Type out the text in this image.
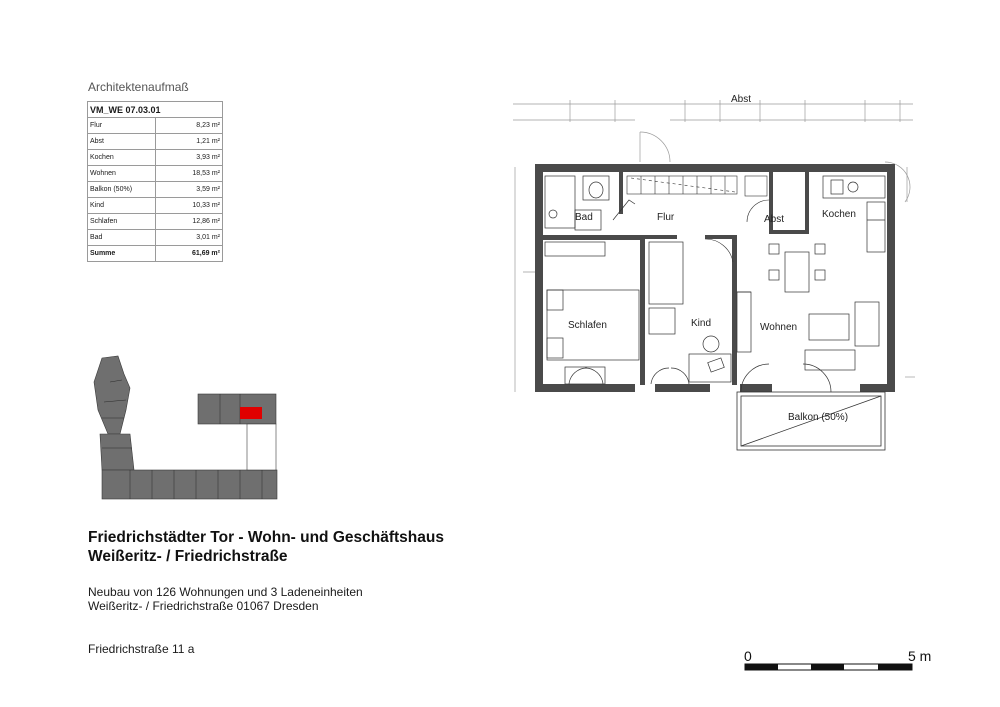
Architektenaufmaß
VM_WE 07.03.01	
Flur	8,23 m²
Abst	1,21 m²
Kochen	3,93 m²
Wohnen	18,53 m²
Balkon (50%)	3,59 m²
Kind	10,33 m²
Schlafen	12,86 m²
Bad	3,01 m²
Summe	61,69 m²
Abst
Bad	Flur	Abst	Kochen
Schlafen	Kind	Wohnen
Balkon (50%)
Friedrichstädter Tor - Wohn- und Geschäftshaus
Weißeritz- / Friedrichstraße
Neubau von 126 Wohnungen und 3 Ladeneinheiten
Weißeritz- / Friedrichstraße 01067 Dresden
Friedrichstraße 11 a	0	5 m
